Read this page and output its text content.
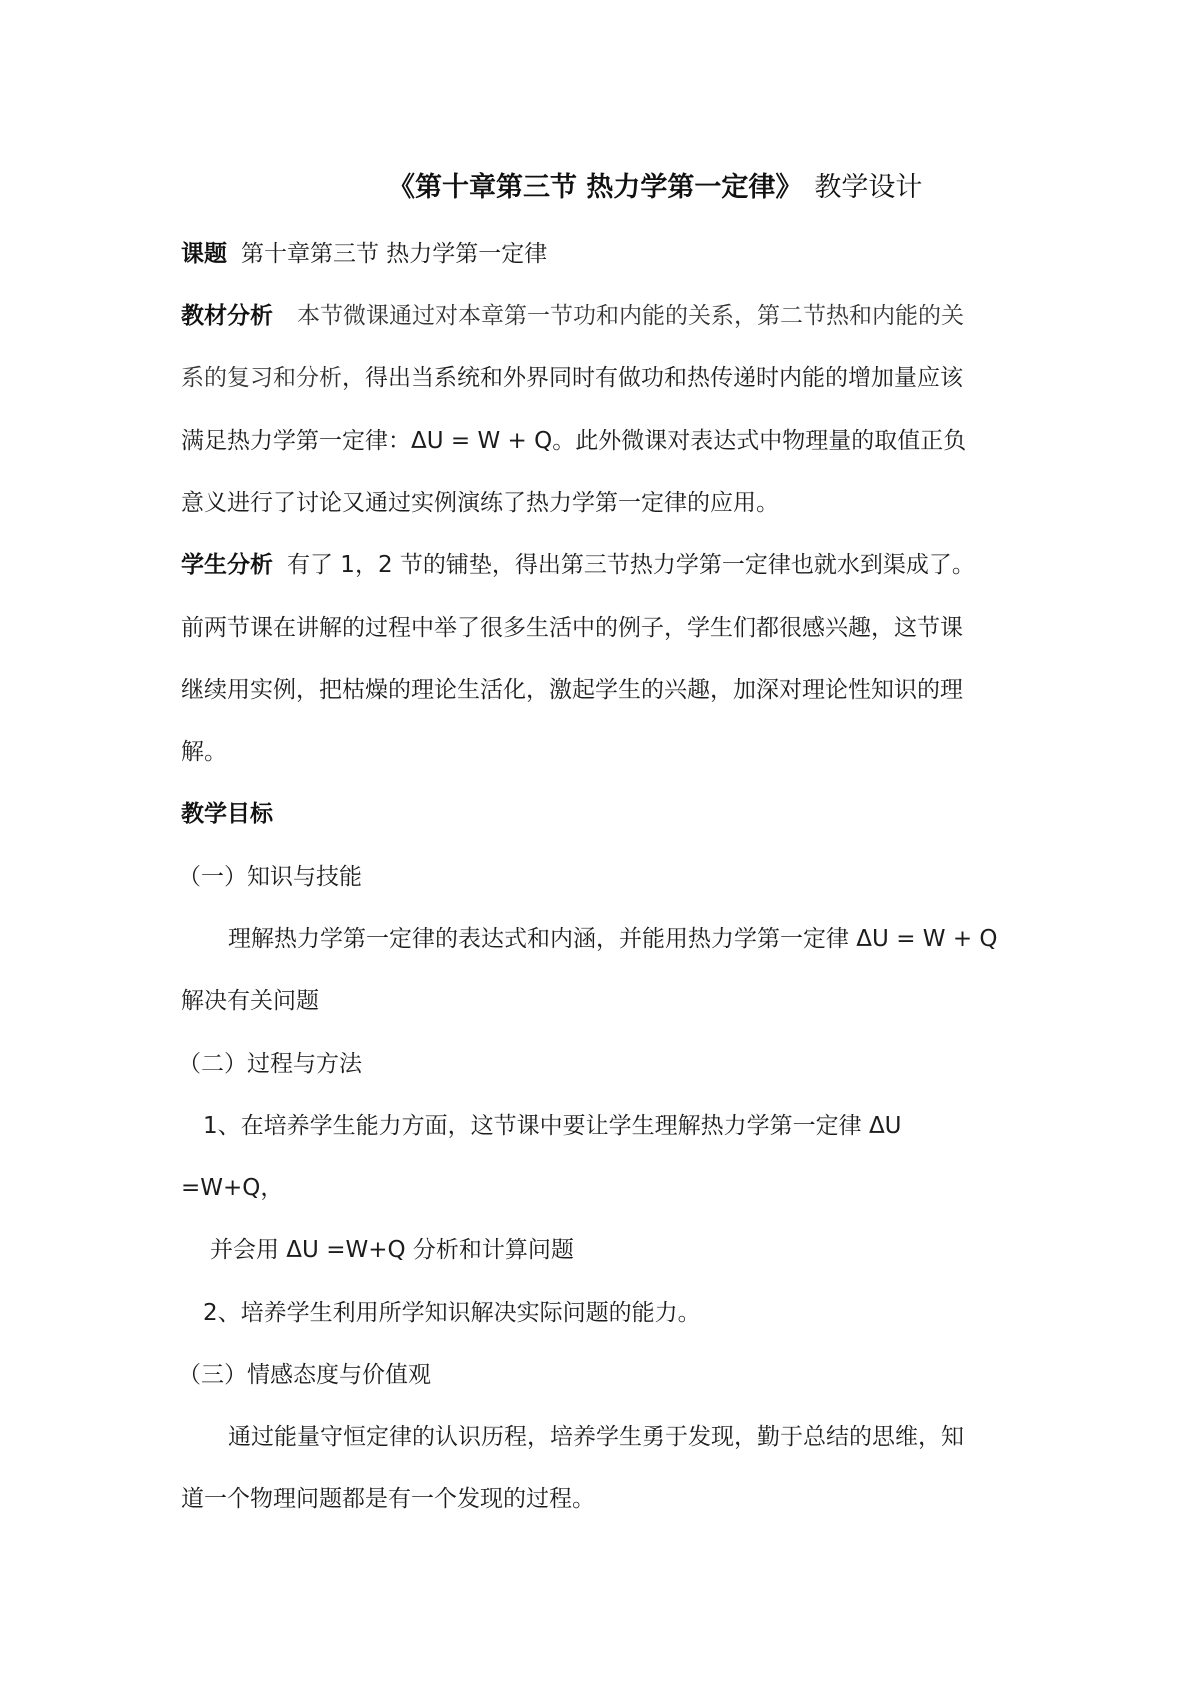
《第十章第三节 热力学第一定律》 教学设计
课题 第十章第三节 热力学第一定律
教材分析 本节微课通过对本章第一节功和内能的关系，第二节热和内能的关
系的复习和分析，得出当系统和外界同时有做功和热传递时内能的增加量应该
满足热力学第一定律：ΔU = W + Q。此外微课对表达式中物理量的取值正负
意义进行了讨论又通过实例演练了热力学第一定律的应用。
学生分析 有了 1，2 节的铺垫，得出第三节热力学第一定律也就水到渠成了。
前两节课在讲解的过程中举了很多生活中的例子，学生们都很感兴趣，这节课
继续用实例，把枯燥的理论生活化，激起学生的兴趣，加深对理论性知识的理
解。
教学目标
（一）知识与技能
理解热力学第一定律的表达式和内涵，并能用热力学第一定律 ΔU = W + Q
解决有关问题
（二）过程与方法
1、在培养学生能力方面，这节课中要让学生理解热力学第一定律 ΔU
=W+Q，
并会用 ΔU =W+Q 分析和计算问题
2、培养学生利用所学知识解决实际问题的能力。
（三）情感态度与价值观
通过能量守恒定律的认识历程，培养学生勇于发现，勤于总结的思维，知
道一个物理问题都是有一个发现的过程。
